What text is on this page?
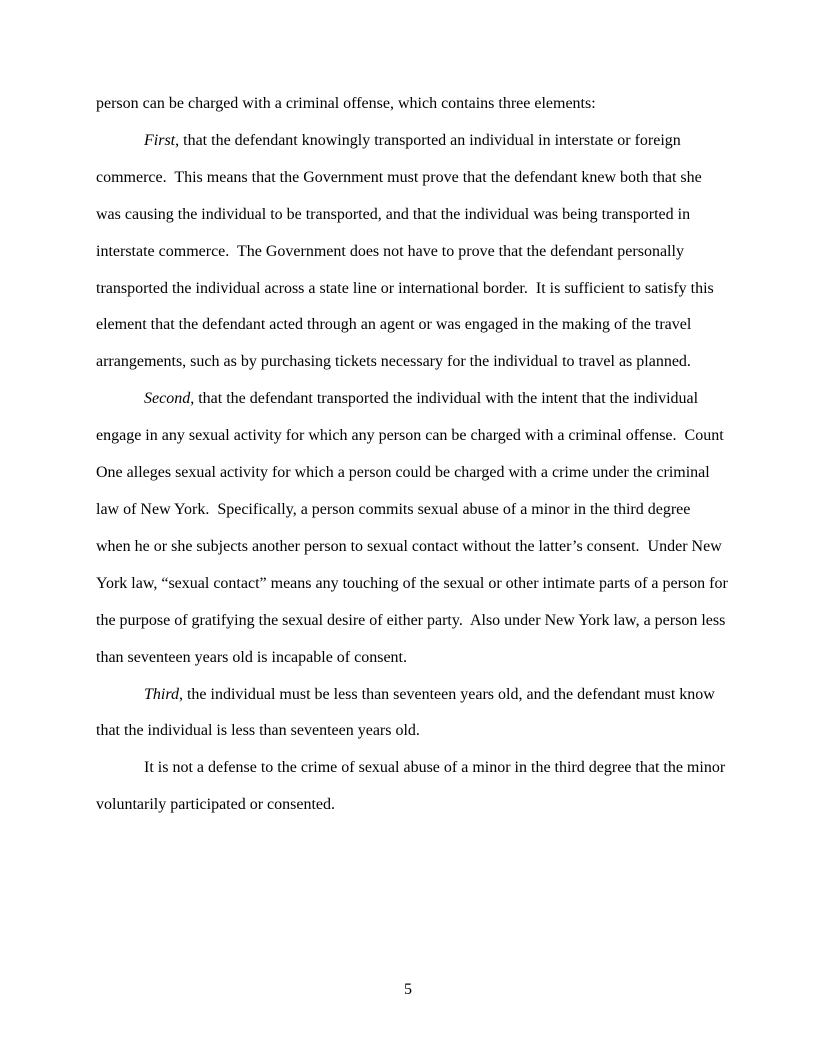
person can be charged with a criminal offense, which contains three elements:

First, that the defendant knowingly transported an individual in interstate or foreign commerce.  This means that the Government must prove that the defendant knew both that she was causing the individual to be transported, and that the individual was being transported in interstate commerce.  The Government does not have to prove that the defendant personally transported the individual across a state line or international border.  It is sufficient to satisfy this element that the defendant acted through an agent or was engaged in the making of the travel arrangements, such as by purchasing tickets necessary for the individual to travel as planned.

Second, that the defendant transported the individual with the intent that the individual engage in any sexual activity for which any person can be charged with a criminal offense.  Count One alleges sexual activity for which a person could be charged with a crime under the criminal law of New York.  Specifically, a person commits sexual abuse of a minor in the third degree when he or she subjects another person to sexual contact without the latter’s consent.  Under New York law, “sexual contact” means any touching of the sexual or other intimate parts of a person for the purpose of gratifying the sexual desire of either party.  Also under New York law, a person less than seventeen years old is incapable of consent.

Third, the individual must be less than seventeen years old, and the defendant must know that the individual is less than seventeen years old.

It is not a defense to the crime of sexual abuse of a minor in the third degree that the minor voluntarily participated or consented.

5
